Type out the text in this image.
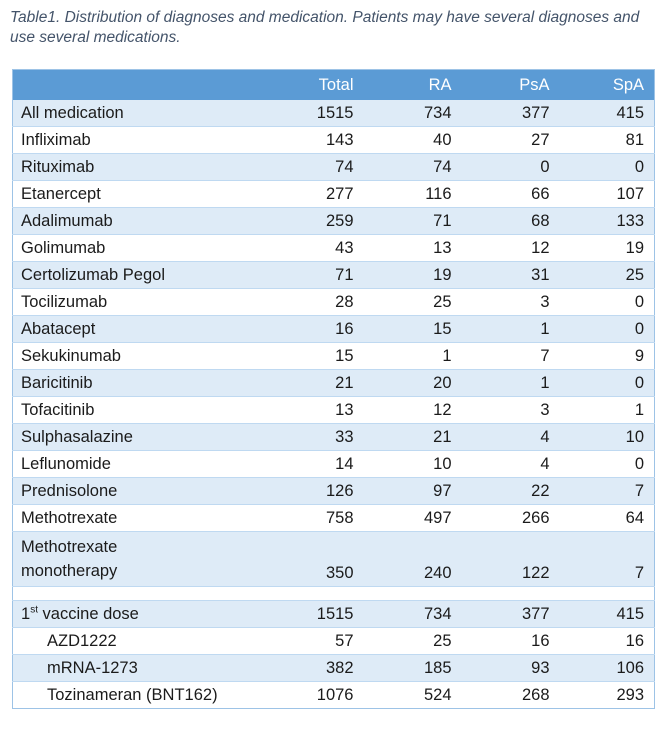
Table1. Distribution of diagnoses and medication. Patients may have several diagnoses and use several medications.

	Total	RA	PsA	SpA
All medication	1515	734	377	415
Infliximab	143	40	27	81
Rituximab	74	74	0	0
Etanercept	277	116	66	107
Adalimumab	259	71	68	133
Golimumab	43	13	12	19
Certolizumab Pegol	71	19	31	25
Tocilizumab	28	25	3	0
Abatacept	16	15	1	0
Sekukinumab	15	1	7	9
Baricitinib	21	20	1	0
Tofacitinib	13	12	3	1
Sulphasalazine	33	21	4	10
Leflunomide	14	10	4	0
Prednisolone	126	97	22	7
Methotrexate	758	497	266	64

Methotrexate
monotherapy	350	240	122	7

1st vaccine dose	1515	734	377	415
AZD1222	57	25	16	16
mRNA-1273	382	185	93	106
Tozinameran (BNT162)	1076	524	268	293
